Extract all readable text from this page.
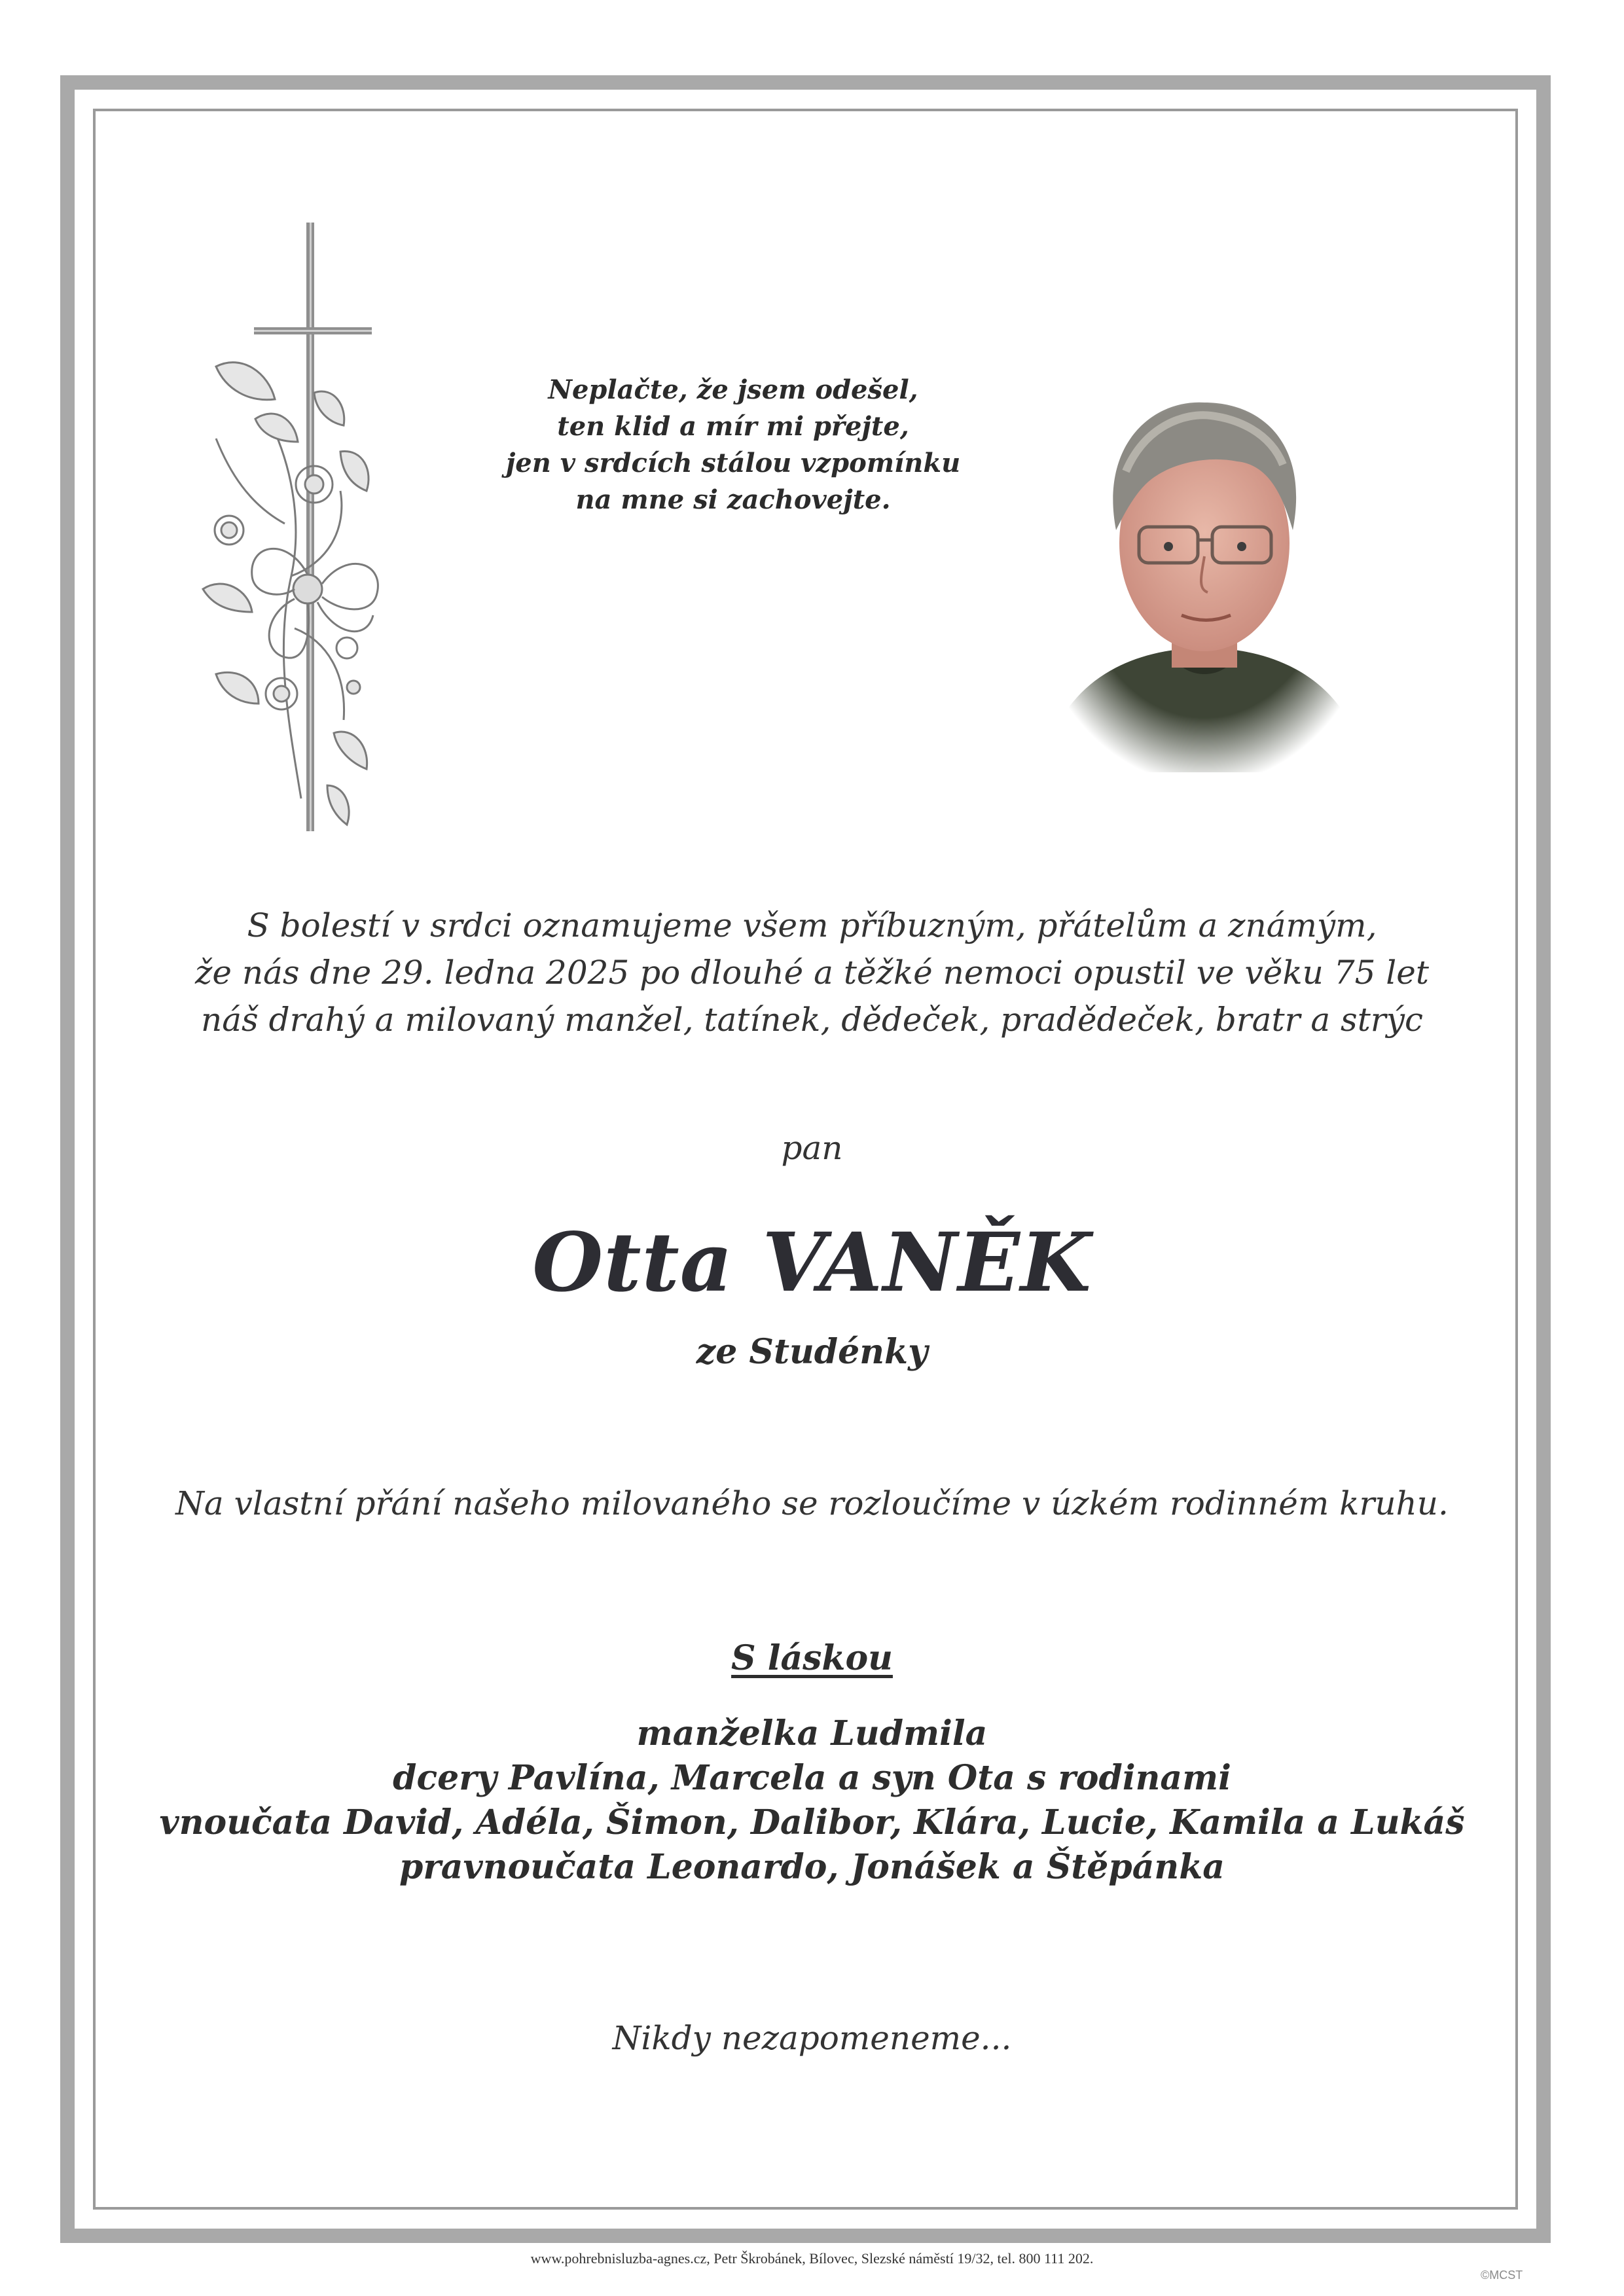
Neplačte, že jsem odešel,
ten klid a mír mi přejte,
jen v srdcích stálou vzpomínku
na mne si zachovejte.
S bolestí v srdci oznamujeme všem příbuzným, přátelům a známým,
že nás dne 29. ledna 2025 po dlouhé a těžké nemoci opustil ve věku 75 let
náš drahý a milovaný manžel, tatínek, dědeček, pradědeček, bratr a strýc
pan
Otta VANĚK
ze Studénky
Na vlastní přání našeho milovaného se rozloučíme v úzkém rodinném kruhu.
S láskou
manželka Ludmila
dcery Pavlína, Marcela a syn Ota s rodinami
vnoučata David, Adéla, Šimon, Dalibor, Klára, Lucie, Kamila a Lukáš
pravnoučata Leonardo, Jonášek a Štěpánka
Nikdy nezapomeneme...
www.pohrebnisluzba-agnes.cz, Petr Škrobánek, Bílovec, Slezské náměstí 19/32, tel. 800 111 202.
©MCST
